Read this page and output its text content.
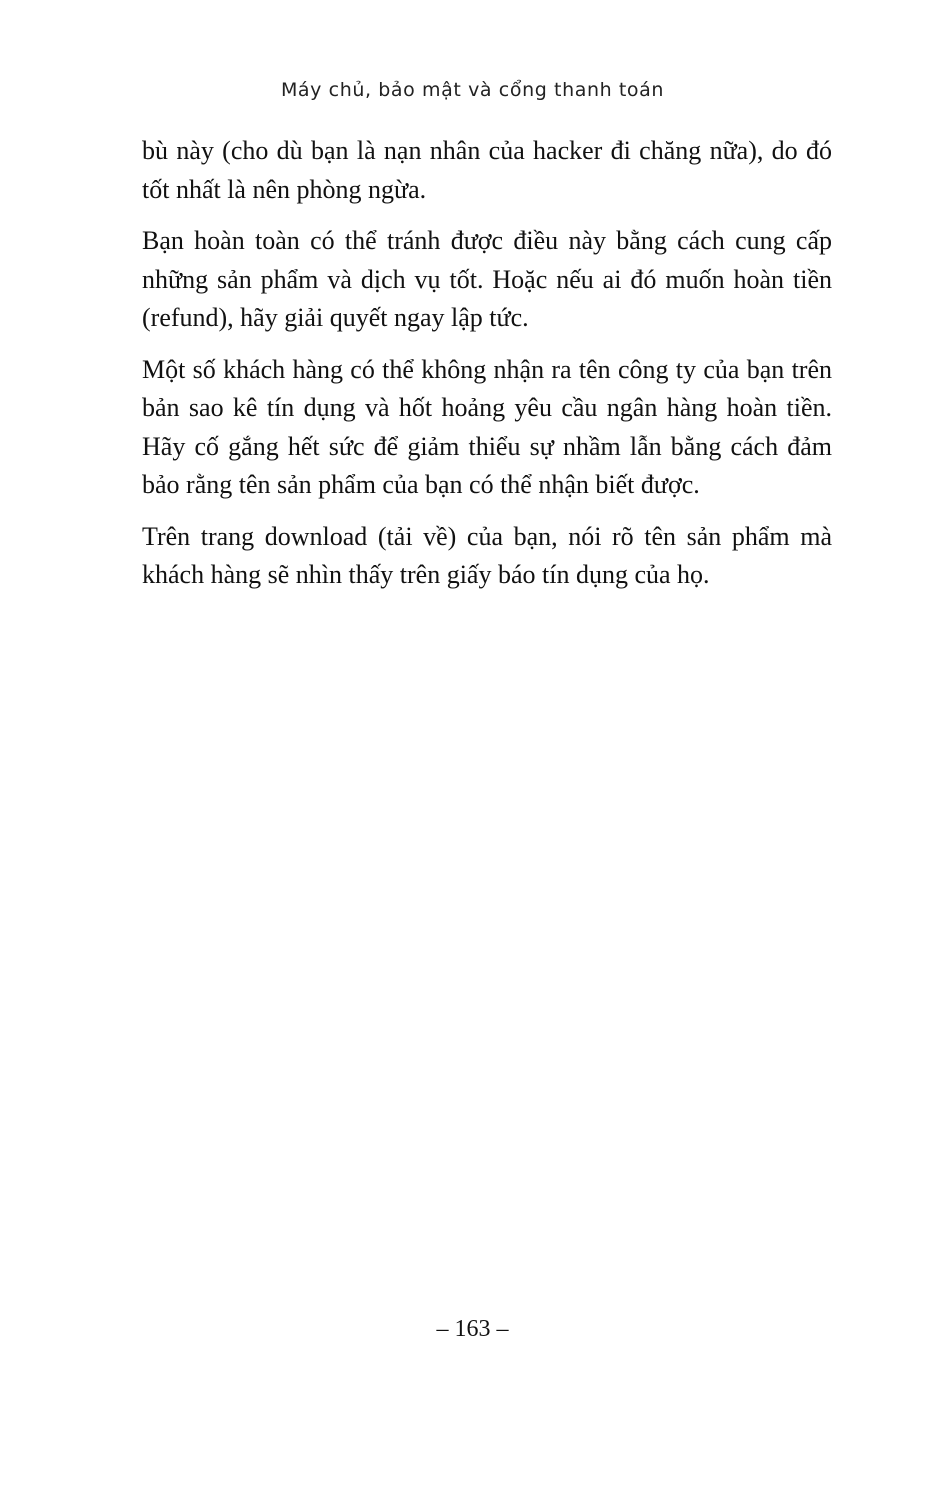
Máy chủ, bảo mật và cổng thanh toán

bù này (cho dù bạn là nạn nhân của hacker đi chăng nữa), do đó tốt nhất là nên phòng ngừa.

Bạn hoàn toàn có thể tránh được điều này bằng cách cung cấp những sản phẩm và dịch vụ tốt. Hoặc nếu ai đó muốn hoàn tiền (refund), hãy giải quyết ngay lập tức.

Một số khách hàng có thể không nhận ra tên công ty của bạn trên bản sao kê tín dụng và hốt hoảng yêu cầu ngân hàng hoàn tiền. Hãy cố gắng hết sức để giảm thiểu sự nhầm lẫn bằng cách đảm bảo rằng tên sản phẩm của bạn có thể nhận biết được.

Trên trang download (tải về) của bạn, nói rõ tên sản phẩm mà khách hàng sẽ nhìn thấy trên giấy báo tín dụng của họ.

– 163 –
